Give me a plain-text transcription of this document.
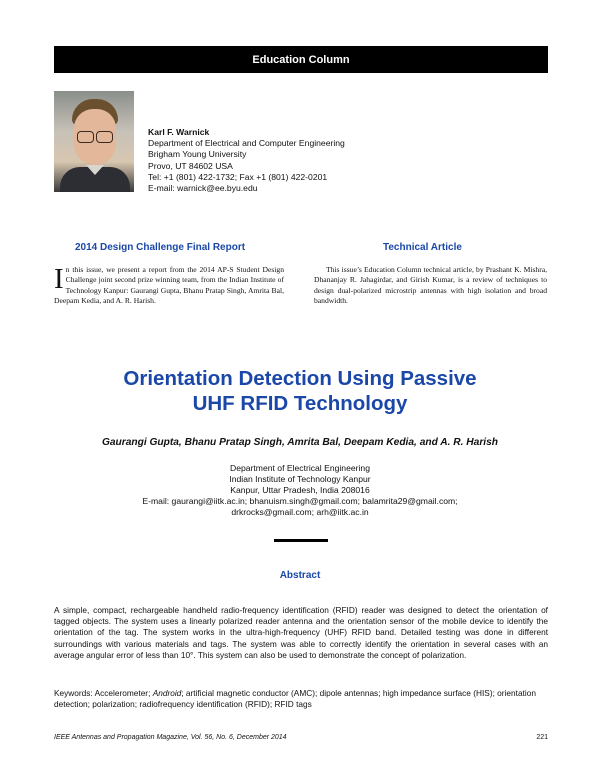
Education Column
Karl F. Warnick
Department of Electrical and Computer Engineering
Brigham Young University
Provo, UT 84602 USA
Tel: +1 (801) 422-1732; Fax +1 (801) 422-0201
E-mail: warnick@ee.byu.edu
2014 Design Challenge Final Report	Technical Article
In this issue, we present a report from the 2014 AP-S Student Design Challenge joint second prize winning team, from the Indian Institute of Technology Kanpur: Gaurangi Gupta, Bhanu Pratap Singh, Amrita Bal, Deepam Kedia, and A. R. Harish.
This issue’s Education Column technical article, by Prashant K. Mishra, Dhananjay R. Jahagirdar, and Girish Kumar, is a review of techniques to design dual-polarized microstrip antennas with high isolation and broad bandwidth.
Orientation Detection Using Passive
UHF RFID Technology
Gaurangi Gupta, Bhanu Pratap Singh, Amrita Bal, Deepam Kedia, and A. R. Harish
Department of Electrical Engineering
Indian Institute of Technology Kanpur
Kanpur, Uttar Pradesh, India 208016
E-mail: gaurangi@iitk.ac.in; bhanuism.singh@gmail.com; balamrita29@gmail.com;
drkrocks@gmail.com; arh@iitk.ac.in
Abstract
A simple, compact, rechargeable handheld radio-frequency identification (RFID) reader was designed to detect the orientation of tagged objects. The system uses a linearly polarized reader antenna and the orientation sensor of the mobile device to identify the orientation of the tag. The system works in the ultra-high-frequency (UHF) RFID band. Detailed testing was done in different surroundings with various materials and tags. The system was able to correctly identify the orientation in several cases with an average angular error of less than 10°. This system can also be used to demonstrate the concept of polarization.
Keywords: Accelerometer; Android; artificial magnetic conductor (AMC); dipole antennas; high impedance surface (HIS); orientation detection; polarization; radiofrequency identification (RFID); RFID tags
IEEE Antennas and Propagation Magazine, Vol. 56, No. 6, December 2014	221
